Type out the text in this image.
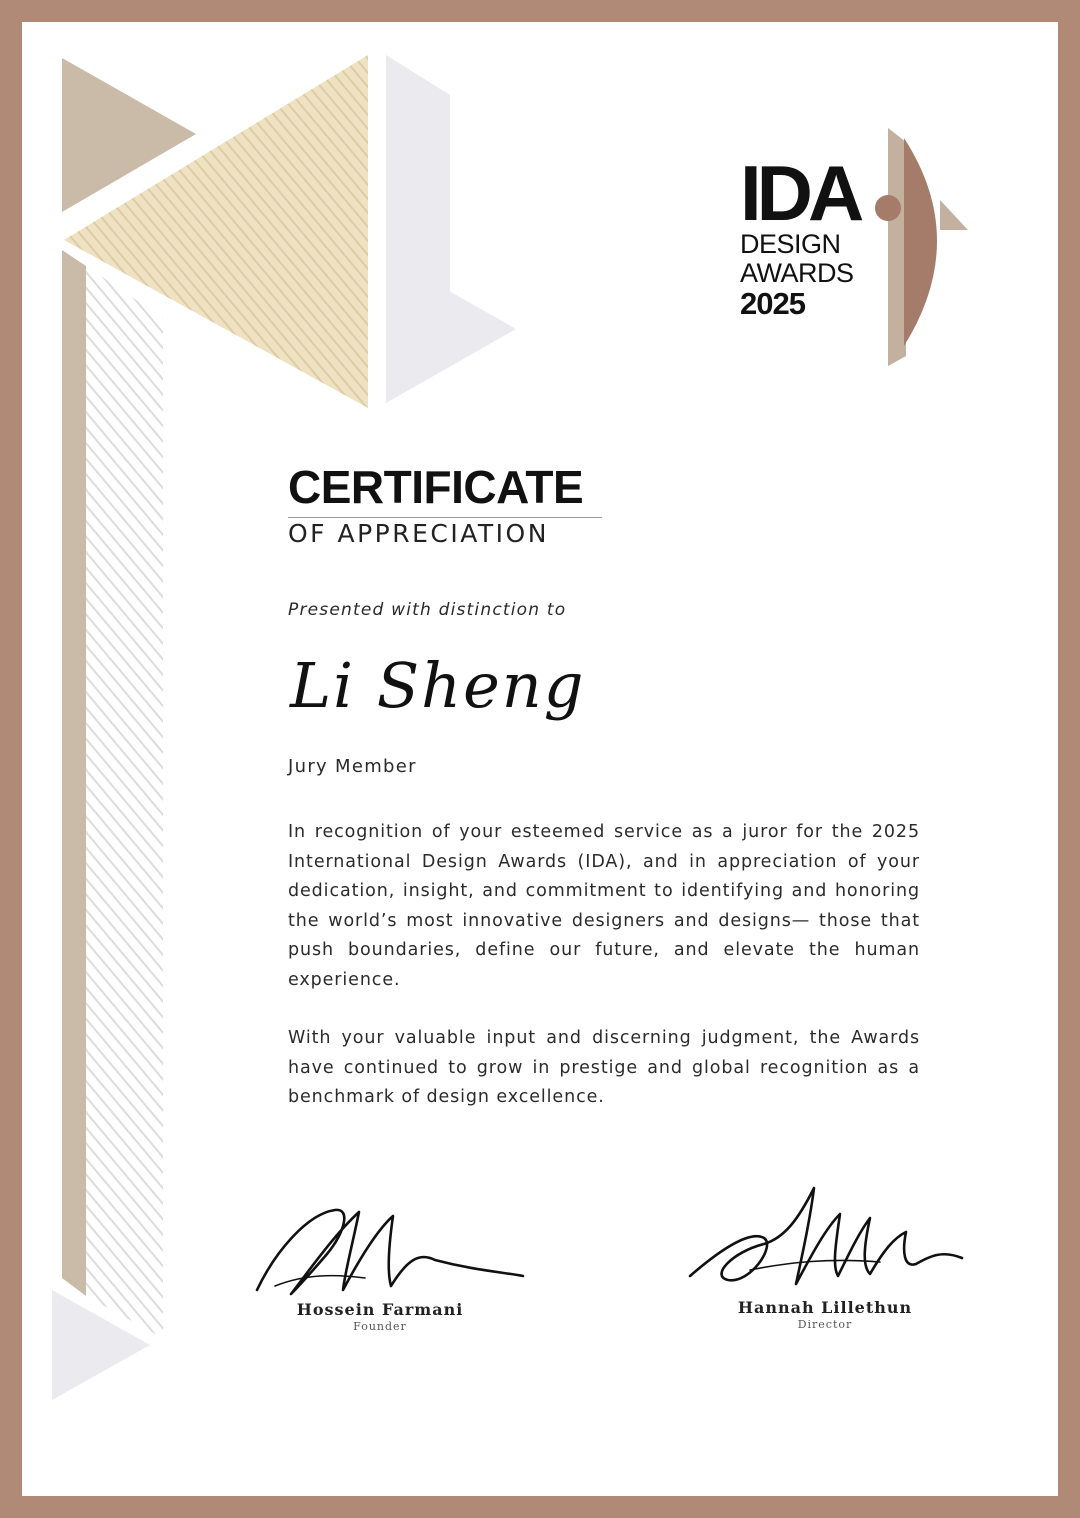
IDA
DESIGN
AWARDS
2025
CERTIFICATE
OF APPRECIATION
Presented with distinction to
Li Sheng
Jury Member

In recognition of your esteemed service as a juror for the 2025 International Design Awards (IDA), and in appreciation of your dedication, insight, and commitment to identifying and honoring the world’s most innovative designers and designs— those that push boundaries, define our future, and elevate the human experience.

With your valuable input and discerning judgment, the Awards have continued to grow in prestige and global recognition as a benchmark of design excellence.

Hossein Farmani
Founder
Hannah Lillethun
Director
